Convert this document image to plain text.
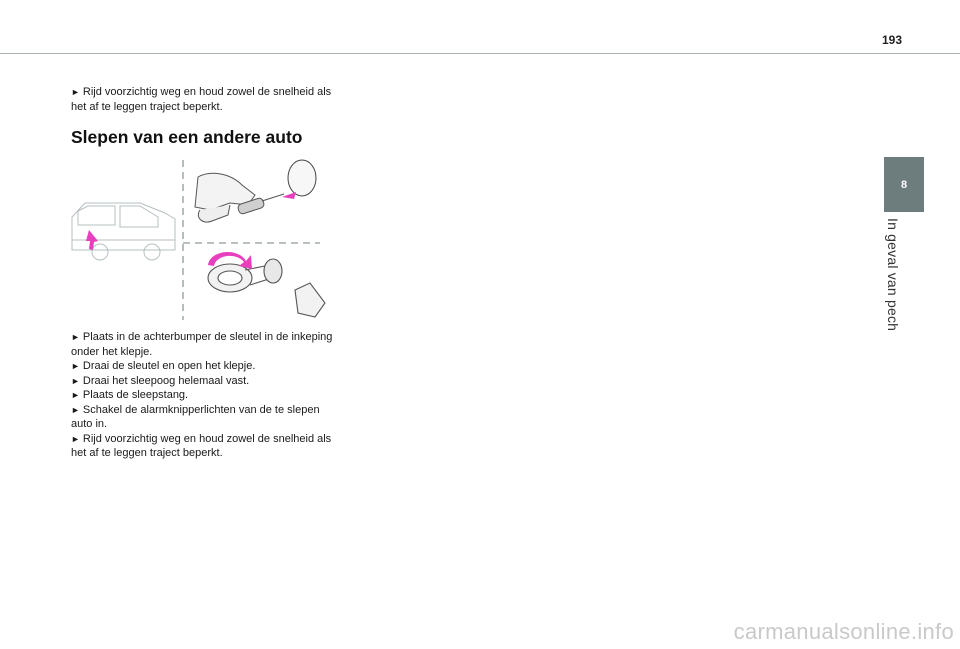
193
8
In geval van pech

► Rijd voorzichtig weg en houd zowel de snelheid als het af te leggen traject beperkt.

Slepen van een andere auto

► Plaats in de achterbumper de sleutel in de inkeping onder het klepje.

► Draai de sleutel en open het klepje.

► Draai het sleepoog helemaal vast.

► Plaats de sleepstang.

► Schakel de alarmknipperlichten van de te slepen auto in.

► Rijd voorzichtig weg en houd zowel de snelheid als het af te leggen traject beperkt.

carmanualsonline.info
